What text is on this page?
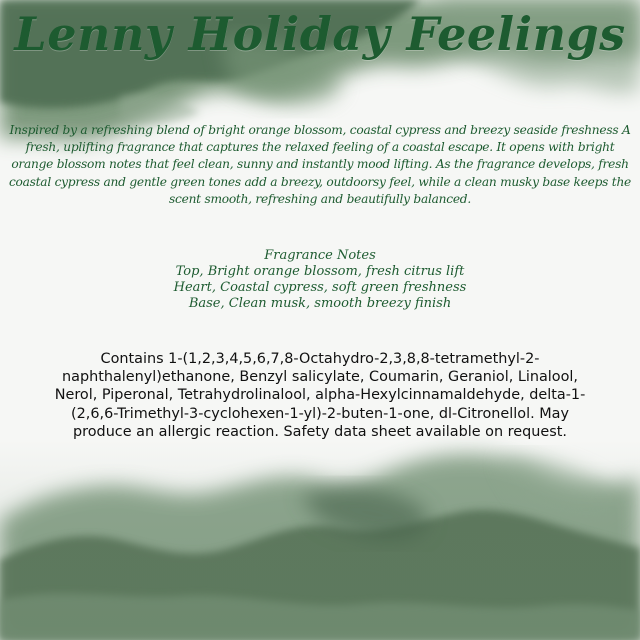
Lenny Holiday Feelings
Inspired by a refreshing blend of bright orange blossom, coastal cypress and breezy seaside freshness A fresh, uplifting fragrance that captures the relaxed feeling of a coastal escape. It opens with bright orange blossom notes that feel clean, sunny and instantly mood lifting. As the fragrance develops, fresh coastal cypress and gentle green tones add a breezy, outdoorsy feel, while a clean musky base keeps the scent smooth, refreshing and beautifully balanced.
Fragrance Notes
Top, Bright orange blossom, fresh citrus lift
Heart, Coastal cypress, soft green freshness
Base, Clean musk, smooth breezy finish
Contains 1-(1,2,3,4,5,6,7,8-Octahydro-2,3,8,8-tetramethyl-2-naphthalenyl)ethanone, Benzyl salicylate, Coumarin, Geraniol, Linalool, Nerol, Piperonal, Tetrahydrolinalool, alpha-Hexylcinnamaldehyde, delta-1-(2,6,6-Trimethyl-3-cyclohexen-1-yl)-2-buten-1-one, dl-Citronellol. May produce an allergic reaction. Safety data sheet available on request.
